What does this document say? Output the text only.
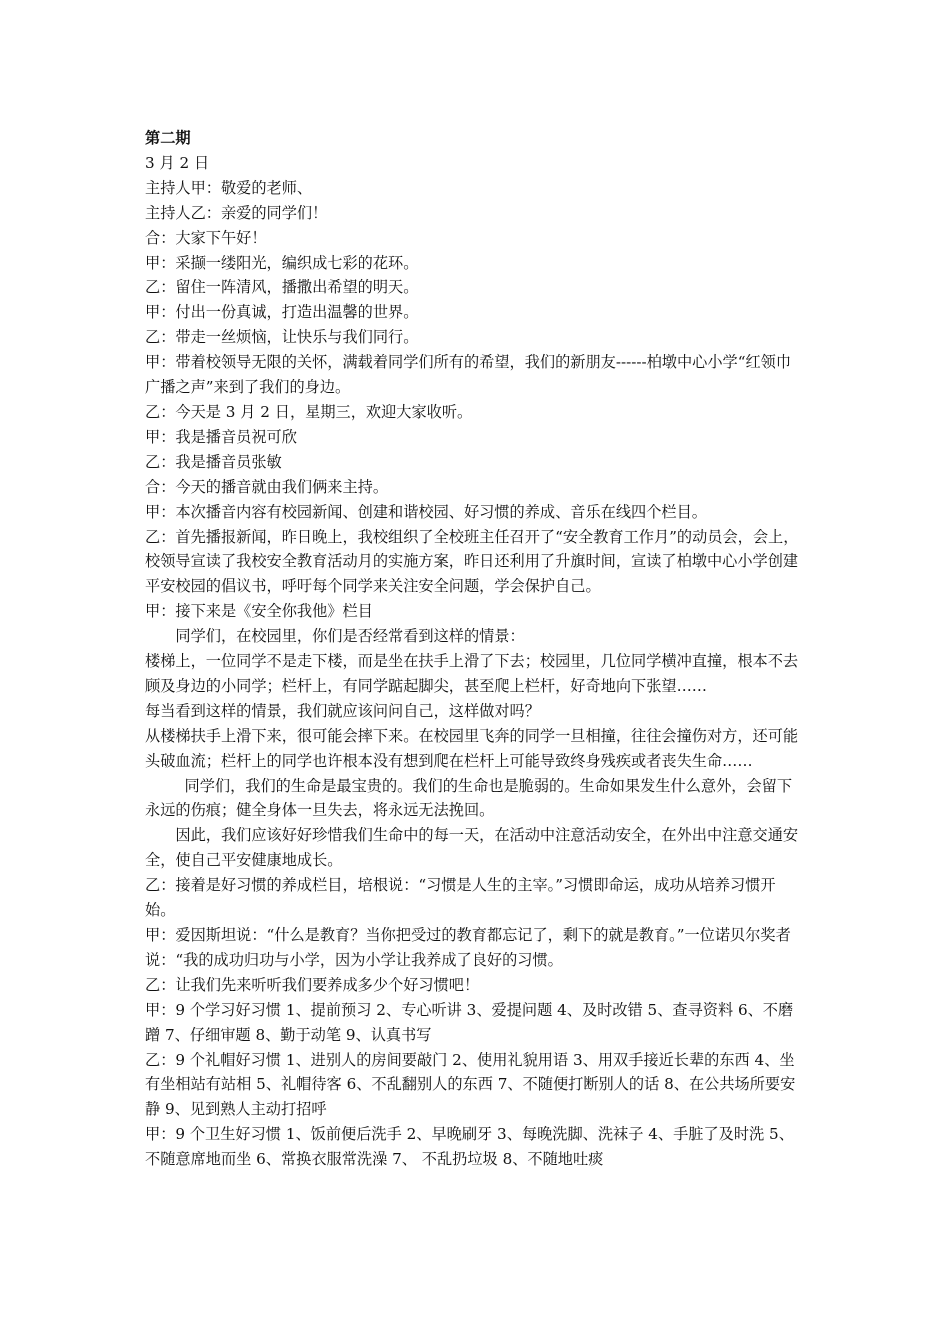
第二期

3 月 2 日

主持人甲：敬爱的老师、

主持人乙：亲爱的同学们！

合：大家下午好！

甲：采撷一缕阳光，编织成七彩的花环。

乙：留住一阵清风，播撒出希望的明天。

甲：付出一份真诚，打造出温馨的世界。

乙：带走一丝烦恼，让快乐与我们同行。

甲：带着校领导无限的关怀，满载着同学们所有的希望，我们的新朋友------柏墩中心小学“红领巾广播之声”来到了我们的身边。

乙：今天是 3 月 2 日，星期三，欢迎大家收听。

甲：我是播音员祝可欣

乙：我是播音员张敏

合：今天的播音就由我们俩来主持。

甲：本次播音内容有校园新闻、创建和谐校园、好习惯的养成、音乐在线四个栏目。

乙：首先播报新闻，昨日晚上，我校组织了全校班主任召开了“安全教育工作月”的动员会，会上，校领导宣读了我校安全教育活动月的实施方案，昨日还利用了升旗时间，宣读了柏墩中心小学创建平安校园的倡议书，呼吁每个同学来关注安全问题，学会保护自己。

甲：接下来是《安全你我他》栏目

同学们，在校园里，你们是否经常看到这样的情景：

楼梯上，一位同学不是走下楼，而是坐在扶手上滑了下去；校园里，几位同学横冲直撞，根本不去顾及身边的小同学；栏杆上，有同学踮起脚尖，甚至爬上栏杆，好奇地向下张望……

每当看到这样的情景，我们就应该问问自己，这样做对吗？

从楼梯扶手上滑下来，很可能会摔下来。在校园里飞奔的同学一旦相撞，往往会撞伤对方，还可能头破血流；栏杆上的同学也许根本没有想到爬在栏杆上可能导致终身残疾或者丧失生命……

同学们，我们的生命是最宝贵的。我们的生命也是脆弱的。生命如果发生什么意外，会留下永远的伤痕；健全身体一旦失去，将永远无法挽回。

因此，我们应该好好珍惜我们生命中的每一天，在活动中注意活动安全，在外出中注意交通安全，使自己平安健康地成长。

乙：接着是好习惯的养成栏目，培根说：“习惯是人生的主宰。”习惯即命运，成功从培养习惯开始。

甲：爱因斯坦说：“什么是教育？当你把受过的教育都忘记了，剩下的就是教育。”一位诺贝尔奖者说：“我的成功归功与小学，因为小学让我养成了良好的习惯。

乙：让我们先来听听我们要养成多少个好习惯吧！

甲：9 个学习好习惯 1、提前预习 2、专心听讲 3、爱提问题 4、及时改错 5、查寻资料 6、不磨蹭 7、仔细审题 8、勤于动笔 9、认真书写

乙：9 个礼帽好习惯 1、进别人的房间要敲门 2、使用礼貌用语 3、用双手接近长辈的东西 4、坐有坐相站有站相 5、礼帽待客 6、不乱翻别人的东西 7、不随便打断别人的话 8、在公共场所要安静 9、见到熟人主动打招呼

甲：9 个卫生好习惯 1、饭前便后洗手 2、早晚刷牙 3、每晚洗脚、洗袜子 4、手脏了及时洗 5、不随意席地而坐 6、常换衣服常洗澡 7、 不乱扔垃圾 8、不随地吐痰
